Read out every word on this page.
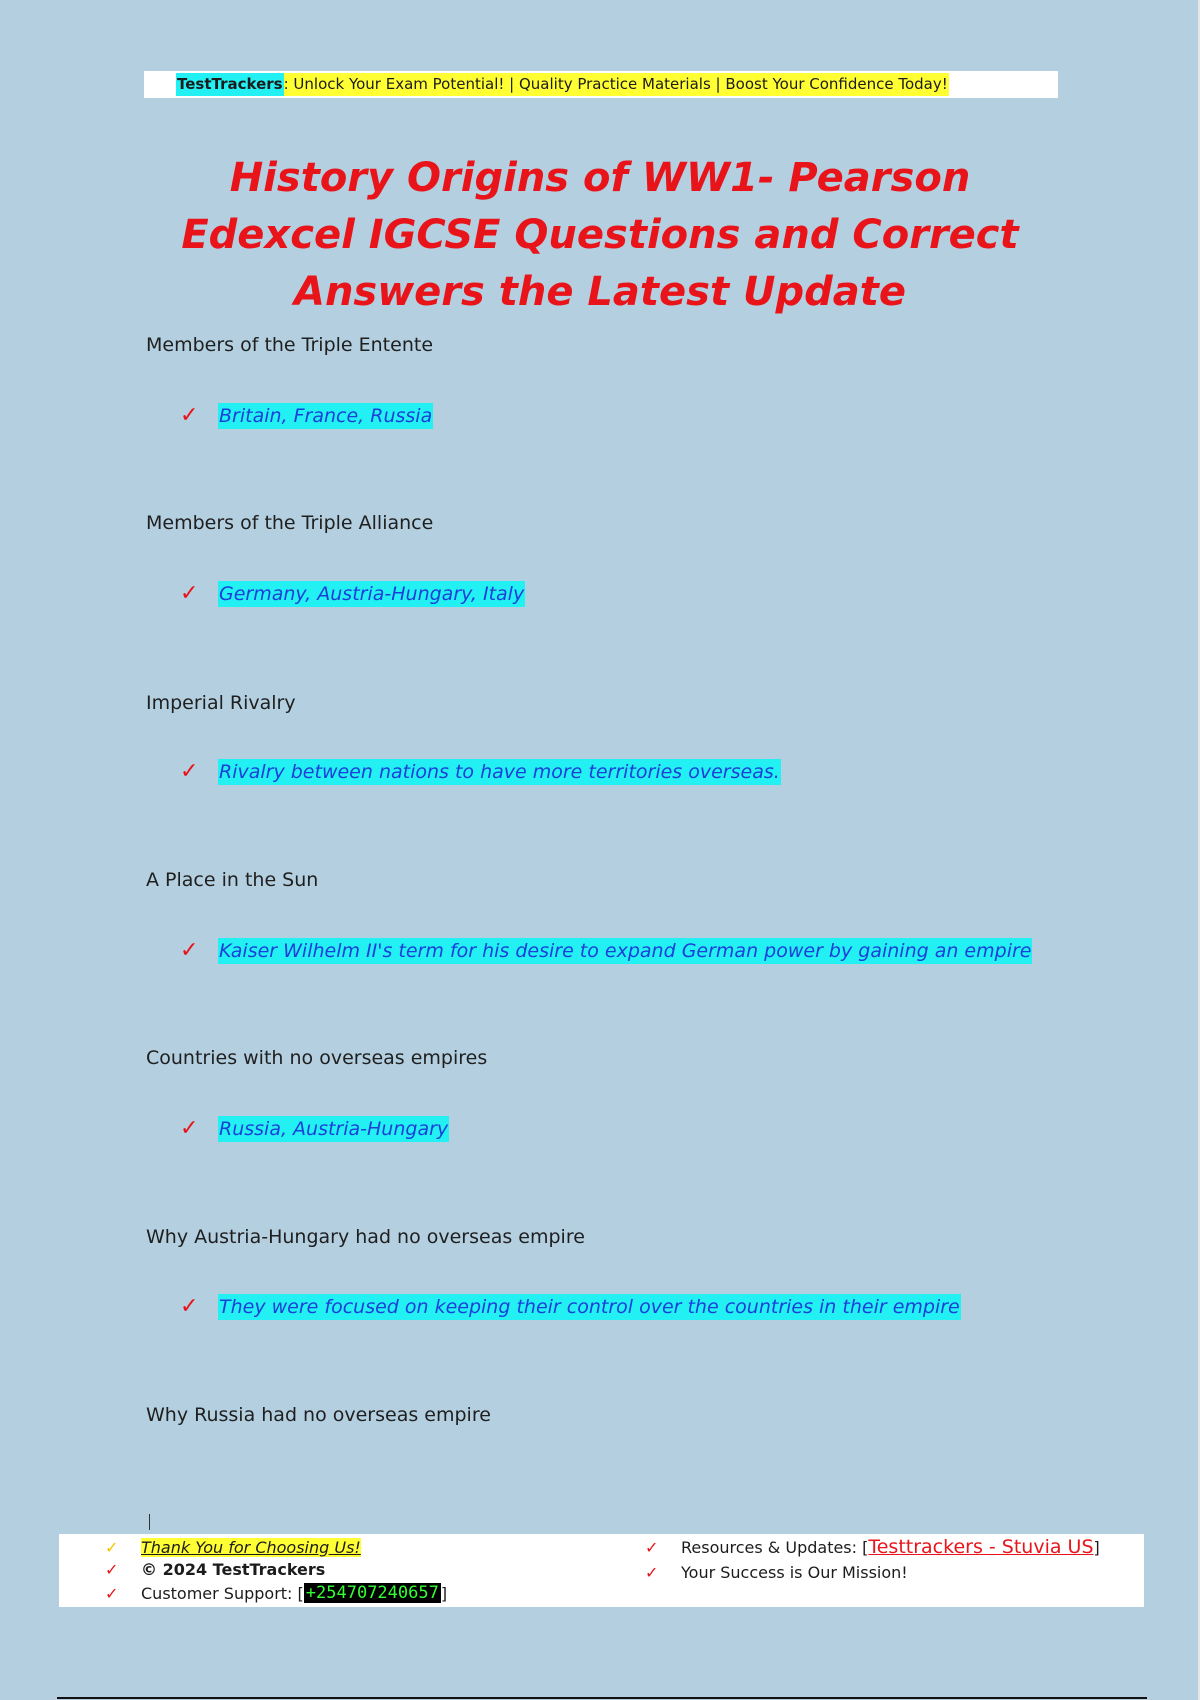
TestTrackers : Unlock Your Exam Potential! | Quality Practice Materials | Boost Your Confidence Today!
History Origins of WW1- Pearson Edexcel IGCSE Questions and Correct Answers the Latest Update
Members of the Triple Entente
✓	Britain, France, Russia
Members of the Triple Alliance
✓	Germany, Austria-Hungary, Italy
Imperial Rivalry
✓	Rivalry between nations to have more territories overseas.
A Place in the Sun
✓	Kaiser Wilhelm II's term for his desire to expand German power by gaining an empire
Countries with no overseas empires
✓	Russia, Austria-Hungary
Why Austria-Hungary had no overseas empire
✓	They were focused on keeping their control over the countries in their empire
Why Russia had no overseas empire
✓	Thank You for Choosing Us!
✓	© 2024 TestTrackers
✓	Customer Support: [ +254707240657 ]
✓	Resources & Updates: [ Testtrackers - Stuvia US ]
✓	Your Success is Our Mission!
